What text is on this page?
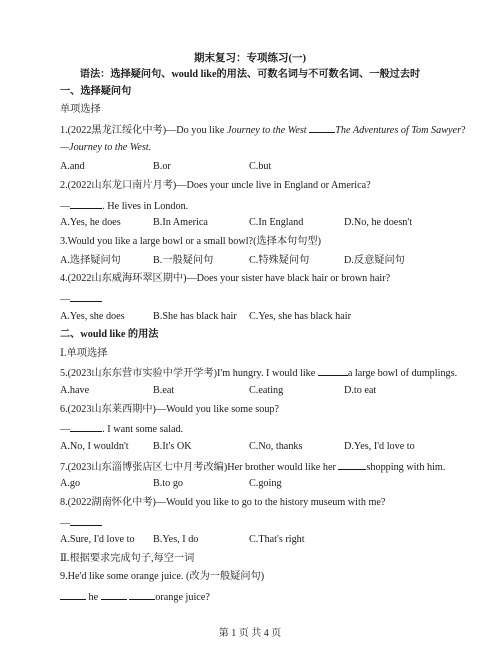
期末复习：专项练习(一)
语法：选择疑问句、would like的用法、可数名词与不可数名词、一般过去时
一、选择疑问句
单项选择
1.(2022黑龙江绥化中考)—Do you like Journey to the West	The Adventures of Tom Sawyer?
—Journey to the West.
A.and	B.or	C.but
2.(2022山东龙口南片月考)—Does your uncle live in England or America?
—	. He lives in London.
A.Yes, he does	B.In America	C.In England	D.No, he doesn't
3.Would you like a large bowl or a small bowl?(选择本句句型)
A.选择疑问句	B.一般疑问句	C.特殊疑问句	D.反意疑问句
4.(2022山东威海环翠区期中)—Does your sister have black hair or brown hair?
—
A.Yes, she does	B.She has black hair C.Yes, she has black hair
二、would like 的用法
Ⅰ.单项选择
5.(2023山东东营市实验中学开学考)I'm hungry. I would like	a large bowl of dumplings.
A.have	B.eat	C.eating	D.to eat
6.(2023山东莱西期中)—Would you like some soup?
—	. I want some salad.
A.No, I wouldn't B.It's OK	C.No, thanks	D.Yes, I'd love to
7.(2023山东淄博张店区七中月考改编)Her brother would like her	shopping with him.
A.go	B.to go	C.going
8.(2022湖南怀化中考)—Would you like to go to the history museum with me?
—
A.Sure, I'd love to B.Yes, I do	C.That's right
Ⅱ.根据要求完成句子,每空一词
9.He'd like some orange juice. (改为一般疑问句)
he	orange juice?
第 1 页 共 4 页
